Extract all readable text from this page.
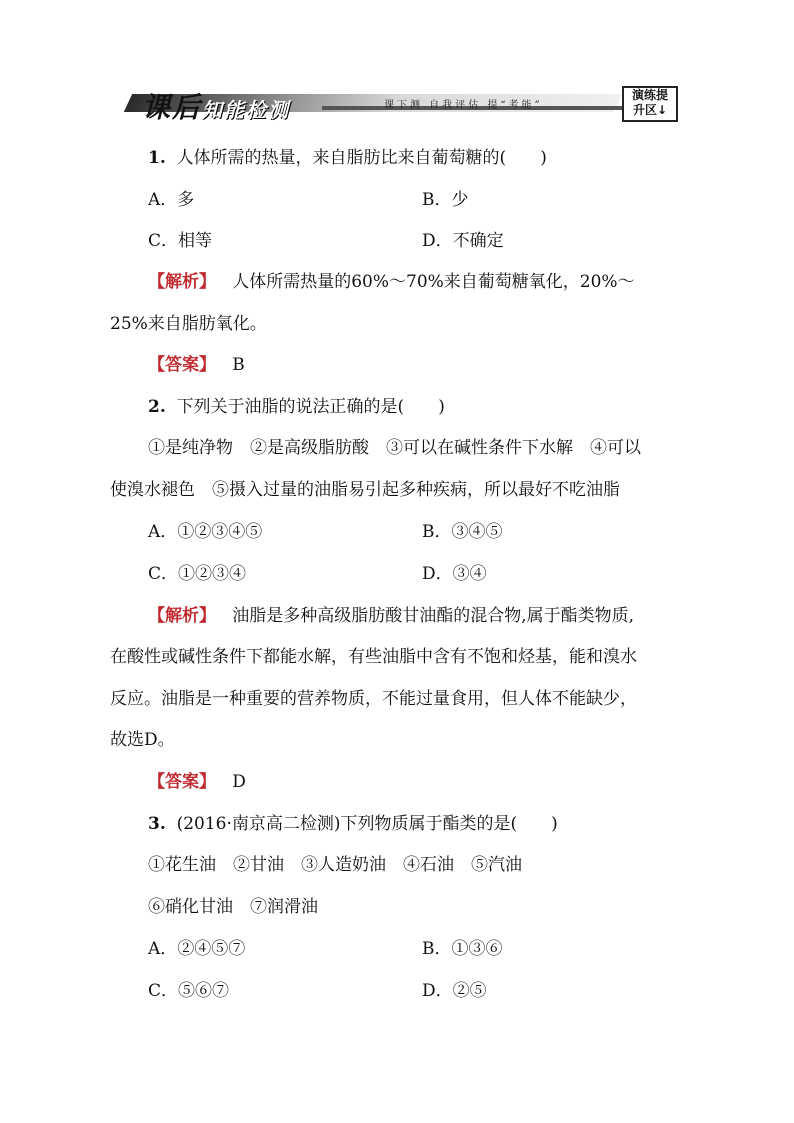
课后知能检测	课下测 自我评估 提“考能”
演练提
升区↓
1. 人体所需的热量，来自脂肪比来自葡萄糖的(　　)
A．多	B．少
C．相等	D．不确定
【解析】 人体所需热量的60%～70%来自葡萄糖氧化，20%～
25%来自脂肪氧化。
【答案】 B
2. 下列关于油脂的说法正确的是(　　)
①是纯净物　②是高级脂肪酸　③可以在碱性条件下水解　④可以
使溴水褪色　⑤摄入过量的油脂易引起多种疾病，所以最好不吃油脂
A．①②③④⑤	B．③④⑤
C．①②③④	D．③④
【解析】 油脂是多种高级脂肪酸甘油酯的混合物,属于酯类物质,
在酸性或碱性条件下都能水解，有些油脂中含有不饱和烃基，能和溴水
反应。油脂是一种重要的营养物质，不能过量食用，但人体不能缺少，
故选D。
【答案】 D
3. (2016·南京高二检测)下列物质属于酯类的是(　　)
①花生油　②甘油　③人造奶油　④石油　⑤汽油
⑥硝化甘油　⑦润滑油
A．②④⑤⑦	B．①③⑥
C．⑤⑥⑦	D．②⑤
